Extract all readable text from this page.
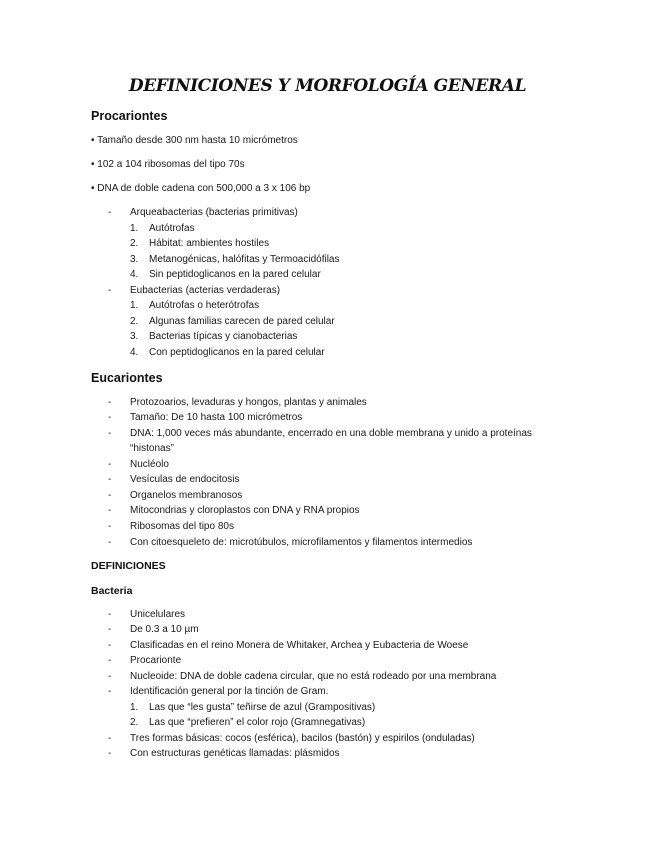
DEFINICIONES Y MORFOLOGÍA GENERAL
Procariontes
• Tamaño desde 300 nm hasta 10 micrómetros
• 102 a 104 ribosomas del tipo 70s
• DNA de doble cadena con 500,000 a 3 x 106 bp
- Arqueabacterias (bacterias primitivas)
1. Autótrofas
2. Hábitat: ambientes hostiles
3. Metanogénicas, halófitas y Termoacidófilas
4. Sin peptidoglicanos en la pared celular
- Eubacterias (acterias verdaderas)
1. Autótrofas o heterótrofas
2. Algunas familias carecen de pared celular
3. Bacterias típicas y cianobacterias
4. Con peptidoglicanos en la pared celular
Eucariontes
- Protozoarios, levaduras y hongos, plantas y animales
- Tamaño: De 10 hasta 100 micrómetros
- DNA: 1,000 veces más abundante, encerrado en una doble membrana y unido a proteínas
“histonas”
- Nucléolo
- Vesículas de endocitosis
- Organelos membranosos
- Mitocondrias y cloroplastos con DNA y RNA propios
- Ribosomas del tipo 80s
- Con citoesqueleto de: microtúbulos, microfilamentos y filamentos intermedios
DEFINICIONES
Bacteria
- Unicelulares
- De 0.3 a 10 µm
- Clasificadas en el reino Monera de Whitaker, Archea y Eubacteria de Woese
- Procarionte
- Nucleoide: DNA de doble cadena circular, que no está rodeado por una membrana
- Identificación general por la tinción de Gram.
1. Las que “les gusta” teñirse de azul (Grampositivas)
2. Las que “prefieren” el color rojo (Gramnegativas)
- Tres formas básicas: cocos (esférica), bacilos (bastón) y espirilos (onduladas)
- Con estructuras genéticas llamadas: plásmidos
